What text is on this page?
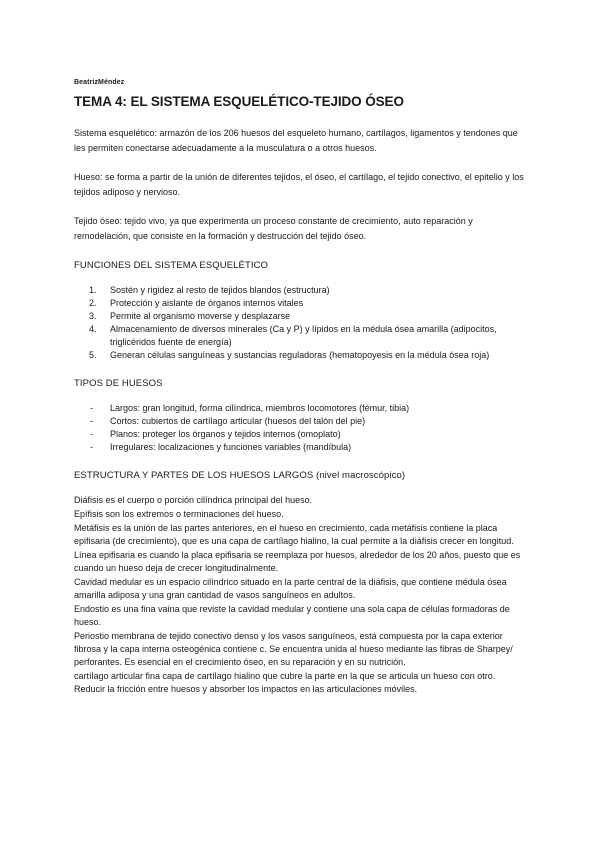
BeatrizMéndez
TEMA 4: EL SISTEMA ESQUELÉTICO-TEJIDO ÓSEO

Sistema esquelético: armazón de los 206 huesos del esqueleto humano, cartílagos, ligamentos y tendones que les permiten conectarse adecuadamente a la musculatura o a otros huesos.

Hueso: se forma a partir de la unión de diferentes tejidos, el óseo, el cartílago, el tejido conectivo, el epitelio y los tejidos adiposo y nervioso.

Tejido óseo: tejido vivo, ya que experimenta un proceso constante de crecimiento, auto reparación y remodelación, que consiste en la formación y destrucción del tejido óseo.

FUNCIONES DEL SISTEMA ESQUELÉTICO
1. Sostén y rigidez al resto de tejidos blandos (estructura)
2. Protección y aislante de órganos internos vitales
3. Permite al organismo moverse y desplazarse
4. Almacenamiento de diversos minerales (Ca y P) y lípidos en la médula ósea amarilla (adipocitos, triglicéridos fuente de energía)
5. Generan células sanguíneas y sustancias reguladoras (hematopoyesis en la médula ósea roja)
TIPOS DE HUESOS
- Largos: gran longitud, forma cilíndrica, miembros locomotores (fémur, tibia)
- Cortos: cubiertos de cartílago articular (huesos del talón del pie)
- Planos: proteger los órganos y tejidos internos (omoplato)
- Irregulares: localizaciones y funciones variables (mandíbula)
ESTRUCTURA Y PARTES DE LOS HUESOS LARGOS (nivel macroscópico)

Diáfisis es el cuerpo o porción cilíndrica principal del hueso.

Epífisis son los extremos o terminaciones del hueso.

Metáfisis es la unión de las partes anteriores, en el hueso en crecimiento, cada metáfisis contiene la placa epifisaria (de crecimiento), que es una capa de cartílago hialino, la cual permite a la diáfisis crecer en longitud.

Línea epifisaria es cuando la placa epifisaria se reemplaza por huesos, alrededor de los 20 años, puesto que es cuando un hueso deja de crecer longitudinalmente.

Cavidad medular es un espacio cilíndrico situado en la parte central de la diáfisis, que contiene médula ósea amarilla adiposa y una gran cantidad de vasos sanguíneos en adultos.

Endostio es una fina vaina que reviste la cavidad medular y contiene una sola capa de células formadoras de hueso.

Periostio membrana de tejido conectivo denso y los vasos sanguíneos, está compuesta por la capa exterior fibrosa y la capa interna osteogénica contiene c. Se encuentra unida al hueso mediante las fibras de Sharpey/ perforantes. Es esencial en el crecimiento óseo, en su reparación y en su nutrición.

cartílago articular fina capa de cartílago hialino que cubre la parte en la que se articula un hueso con otro. Reducir la fricción entre huesos y absorber los impactos en las articulaciones móviles.
